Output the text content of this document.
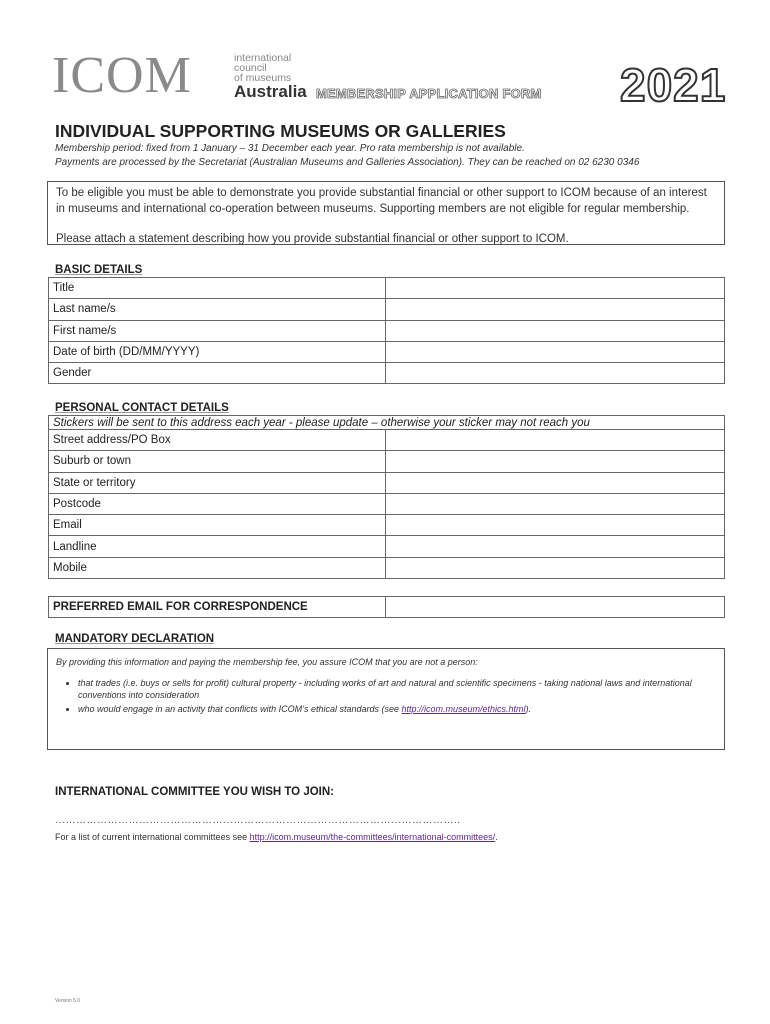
ICOM	international
council
of museums
Australia MEMBERSHIP APPLICATION FORM 2021
INDIVIDUAL SUPPORTING MUSEUMS OR GALLERIES
Membership period: fixed from 1 January – 31 December each year. Pro rata membership is not available.
Payments are processed by the Secretariat (Australian Museums and Galleries Association). They can be reached on 02 6230 0346
To be eligible you must be able to demonstrate you provide substantial financial or other support to ICOM because of an interest in museums and international co-operation between museums. Supporting members are not eligible for regular membership.
Please attach a statement describing how you provide substantial financial or other support to ICOM.
BASIC DETAILS
Title	
Last name/s	
First name/s	
Date of birth (DD/MM/YYYY)	
Gender	
PERSONAL CONTACT DETAILS
Stickers will be sent to this address each year - please update – otherwise your sticker may not reach you	
Street address/PO Box	
Suburb or town	
State or territory	
Postcode	
Email	
Landline	
Mobile	
PREFERRED EMAIL FOR CORRESPONDENCE	
MANDATORY DECLARATION
By providing this information and paying the membership fee, you assure ICOM that you are not a person:
• that trades (i.e. buys or sells for profit) cultural property - including works of art and natural and scientific specimens - taking national laws and international conventions into consideration
• who would engage in an activity that conflicts with ICOM’s ethical standards (see http://icom.museum/ethics.html).
INTERNATIONAL COMMITTEE YOU WISH TO JOIN:
……………………………………………………………………………………………………..
For a list of current international committees see http://icom.museum/the-committees/international-committees/.
Version 5.0
